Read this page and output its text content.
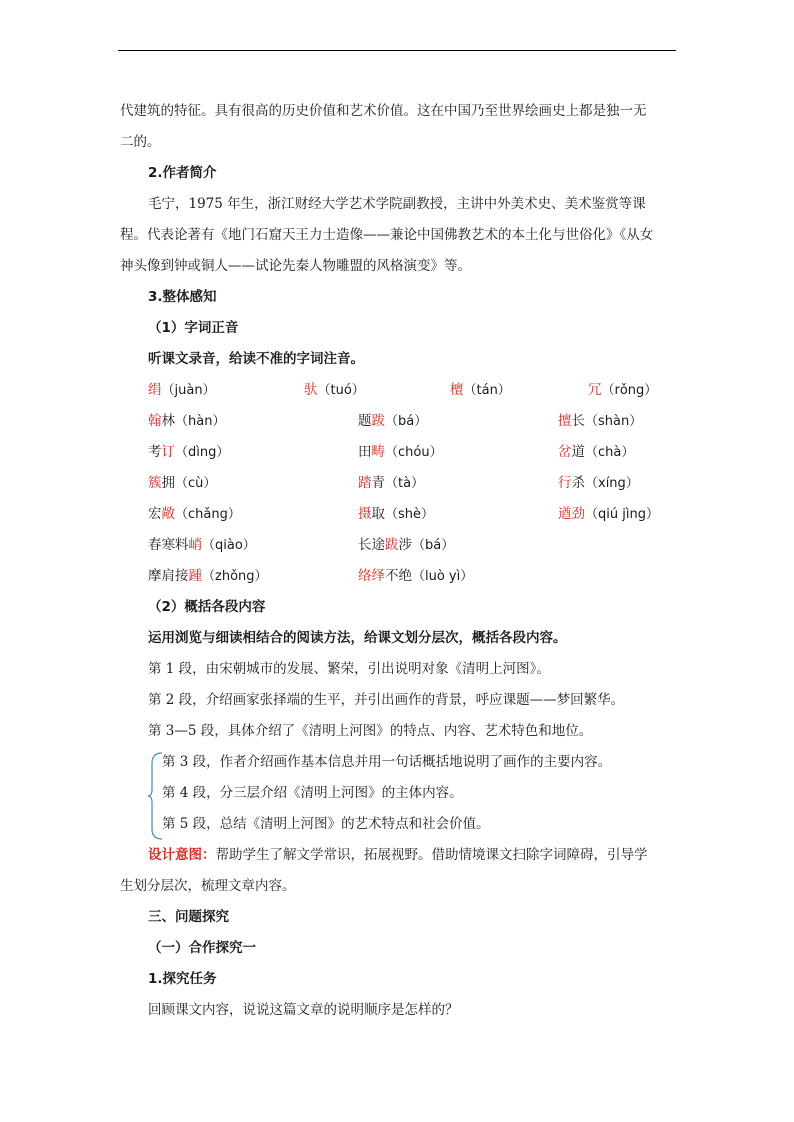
代建筑的特征。具有很高的历史价值和艺术价值。这在中国乃至世界绘画史上都是独一无
二的。
2.作者简介
毛宁，1975 年生，浙江财经大学艺术学院副教授，主讲中外美术史、美术鉴赏等课
程。代表论著有《地门石窟天王力士造像——兼论中国佛教艺术的本土化与世俗化》《从女
神头像到钟或铜人——试论先秦人物雕盟的风格演变》等。
3.整体感知
（1）字词正音
听课文录音，给读不准的字词注音。
绢（juàn）	驮（tuó）	檀（tán）	冗（rǒng）
翰林（hàn）	题跋（bá）	擅长（shàn）
考订（dìng）	田畴（chóu）	岔道（chà）
簇拥（cù）	踏青（tà）	行杀（xíng）
宏敞（chǎng）	摄取（shè）	遒劲（qiú jìng）
春寒料峭（qiào）	长途跋涉（bá）
摩肩接踵（zhǒng）	络绎不绝（luò yì）
（2）概括各段内容
运用浏览与细读相结合的阅读方法，给课文划分层次，概括各段内容。
第 1 段，由宋朝城市的发展、繁荣，引出说明对象《清明上河图》。
第 2 段，介绍画家张择端的生平，并引出画作的背景，呼应课题——梦回繁华。
第 3—5 段，具体介绍了《清明上河图》的特点、内容、艺术特色和地位。
第 3 段，作者介绍画作基本信息并用一句话概括地说明了画作的主要内容。
第 4 段，分三层介绍《清明上河图》的主体内容。
第 5 段，总结《清明上河图》的艺术特点和社会价值。
设计意图：帮助学生了解文学常识，拓展视野。借助情境课文扫除字词障碍，引导学
生划分层次，梳理文章内容。
三、问题探究
（一）合作探究一
1.探究任务
回顾课文内容，说说这篇文章的说明顺序是怎样的？
